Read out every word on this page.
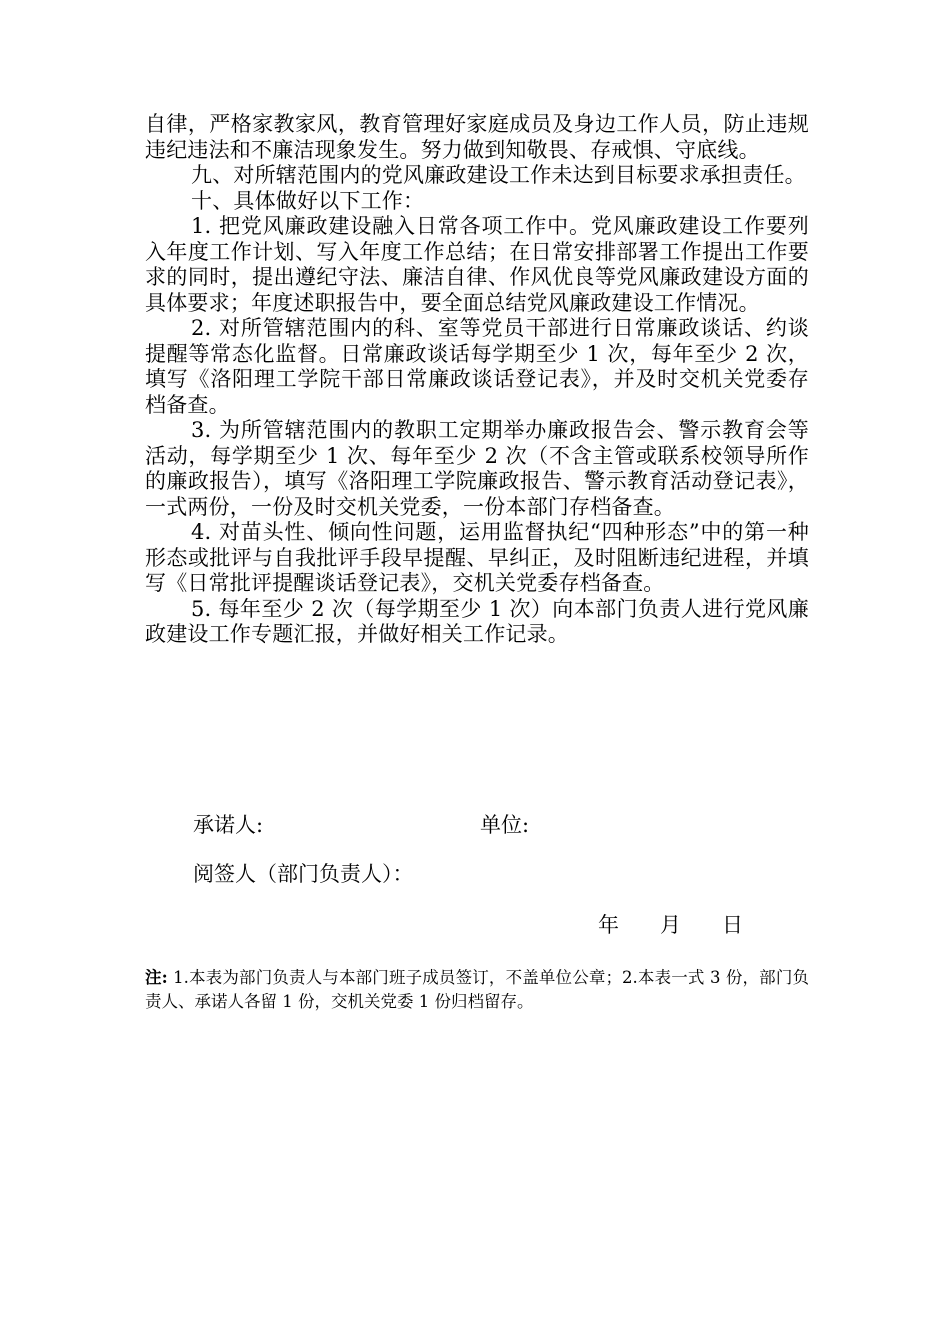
自律，严格家教家风，教育管理好家庭成员及身边工作人员，防止违规违纪违法和不廉洁现象发生。努力做到知敬畏、存戒惧、守底线。

九、对所辖范围内的党风廉政建设工作未达到目标要求承担责任。

十、具体做好以下工作：

1. 把党风廉政建设融入日常各项工作中。党风廉政建设工作要列入年度工作计划、写入年度工作总结；在日常安排部署工作提出工作要求的同时，提出遵纪守法、廉洁自律、作风优良等党风廉政建设方面的具体要求；年度述职报告中，要全面总结党风廉政建设工作情况。

2. 对所管辖范围内的科、室等党员干部进行日常廉政谈话、约谈提醒等常态化监督。日常廉政谈话每学期至少 1 次，每年至少 2 次，填写《洛阳理工学院干部日常廉政谈话登记表》，并及时交机关党委存档备查。

3. 为所管辖范围内的教职工定期举办廉政报告会、警示教育会等活动，每学期至少 1 次、每年至少 2 次（不含主管或联系校领导所作的廉政报告），填写《洛阳理工学院廉政报告、警示教育活动登记表》，一式两份，一份及时交机关党委，一份本部门存档备查。

4. 对苗头性、倾向性问题，运用监督执纪“四种形态”中的第一种形态或批评与自我批评手段早提醒、早纠正，及时阻断违纪进程，并填写《日常批评提醒谈话登记表》，交机关党委存档备查。

5. 每年至少 2 次（每学期至少 1 次）向本部门负责人进行党风廉政建设工作专题汇报，并做好相关工作记录。

承诺人:	单位:
阅签人（部门负责人）：
年 月 日
注: 1.本表为部门负责人与本部门班子成员签订，不盖单位公章；2.本表一式 3 份，部门负责人、承诺人各留 1 份，交机关党委 1 份归档留存。
